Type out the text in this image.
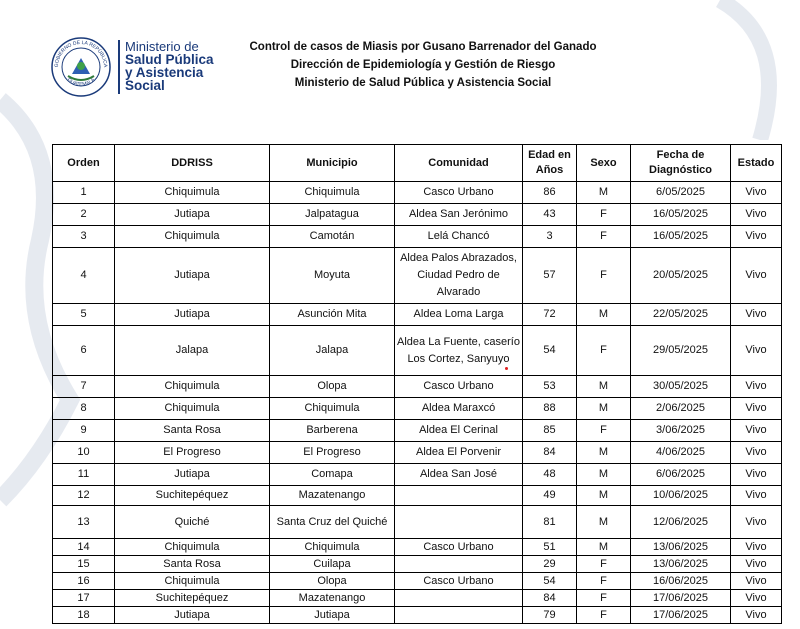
GOBIERNO DE LA REPÚBLICA
GUATEMALA
Ministerio de
Salud Pública
y Asistencia
Social
Control de casos de Miasis por Gusano Barrenador del Ganado
Dirección de Epidemiología y Gestión de Riesgo
Ministerio de Salud Pública y Asistencia Social
Orden	DDRISS	Municipio	Comunidad	Edad en Años	Sexo	Fecha de Diagnóstico	Estado
1	Chiquimula	Chiquimula	Casco Urbano	86	M	6/05/2025	Vivo
2	Jutiapa	Jalpatagua	Aldea San Jerónimo	43	F	16/05/2025	Vivo
3	Chiquimula	Camotán	Lelá Chancó	3	F	16/05/2025	Vivo
4	Jutiapa	Moyuta	Aldea Palos Abrazados, Ciudad Pedro de Alvarado	57	F	20/05/2025	Vivo
5	Jutiapa	Asunción Mita	Aldea Loma Larga	72	M	22/05/2025	Vivo
6	Jalapa	Jalapa	Aldea La Fuente, caserío Los Cortez, Sanyuyo	54	F	29/05/2025	Vivo
7	Chiquimula	Olopa	Casco Urbano	53	M	30/05/2025	Vivo
8	Chiquimula	Chiquimula	Aldea Maraxcó	88	M	2/06/2025	Vivo
9	Santa Rosa	Barberena	Aldea El Cerinal	85	F	3/06/2025	Vivo
10	El Progreso	El Progreso	Aldea El Porvenir	84	M	4/06/2025	Vivo
11	Jutiapa	Comapa	Aldea San José	48	M	6/06/2025	Vivo
12	Suchitepéquez	Mazatenango		49	M	10/06/2025	Vivo
13	Quiché	Santa Cruz del Quiché		81	M	12/06/2025	Vivo
14	Chiquimula	Chiquimula	Casco Urbano	51	M	13/06/2025	Vivo
15	Santa Rosa	Cuilapa		29	F	13/06/2025	Vivo
16	Chiquimula	Olopa	Casco Urbano	54	F	16/06/2025	Vivo
17	Suchitepéquez	Mazatenango		84	F	17/06/2025	Vivo
18	Jutiapa	Jutiapa		79	F	17/06/2025	Vivo
